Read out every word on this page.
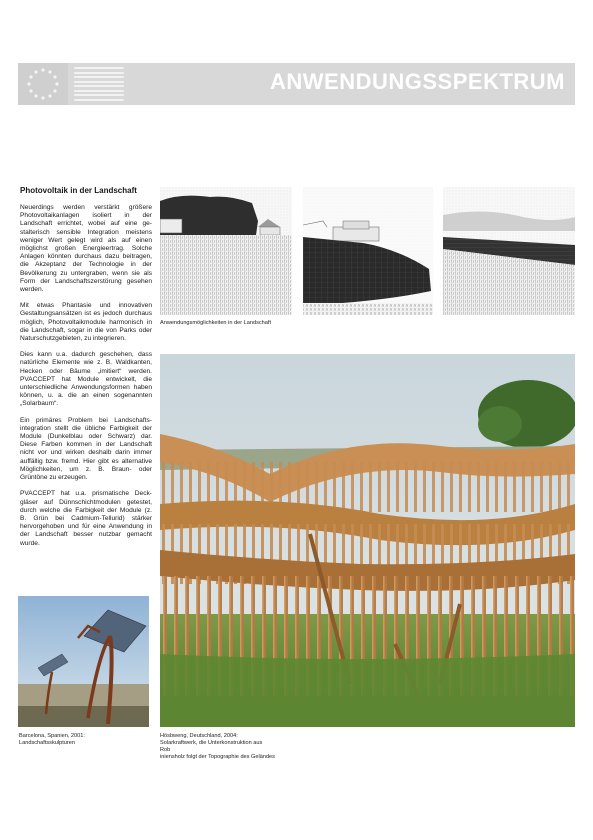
ANWENDUNGSSPEKTRUM

Photovoltaik in der Landschaft

Neuerdings werden verstärkt größere Photovoltaikanlagen isoliert in der Landschaft errichtet, wobei auf eine gestalterisch sensible Integration meistens weniger Wert gelegt wird als auf einen möglichst großen Energieertrag. Solche Anlagen könnten durchaus dazu beitragen, die Akzeptanz der Technologie in der Bevölkerung zu untergraben, wenn sie als Form der Landschaftszerstörung gesehen werden.

Mit etwas Phantasie und innovativen Gestaltungsansätzen ist es jedoch durchaus möglich, Photovoltaikmodule harmonisch in die Landschaft, sogar in die von Parks oder Naturschutzgebieten, zu integrieren.

Dies kann u.a. dadurch geschehen, dass natürliche Elemente wie z. B. Waldkanten, Hecken oder Bäume „imitiert“ werden. PVACCEPT hat Module entwickelt, die unterschiedliche Anwendungsformen haben können, u. a. die an einen sogenannten „Solarbaum“.

Ein primäres Problem bei Landschaftsintegration stellt die übliche Farbigkeit der Module (Dunkelblau oder Schwarz) dar. Diese Farben kommen in der Landschaft nicht vor und wirken deshalb darin immer auffällig bzw. fremd. Hier gibt es alternative Möglichkeiten, um z. B. Braun- oder Grüntöne zu erzeugen.

PVACCEPT hat u.a. prismatische Deckgläser auf Dünnschichtmodulen getestet, durch welche die Farbigkeit der Module (z. B. Grün bei Cadmium-Tellurid) stärker hervorgehoben und für eine Anwendung in der Landschaft besser nutzbar gemacht wurde.

Anwendungsmöglichkeiten in der Landschaft
Hösbweng, Deutschland, 2004:
Solarkraftwerk, die Unterkonstruktion aus Rob
iniensholz folgt der Topographie des Geländes
Barcelona, Spanien, 2001:
Landschaftsskulpturen
